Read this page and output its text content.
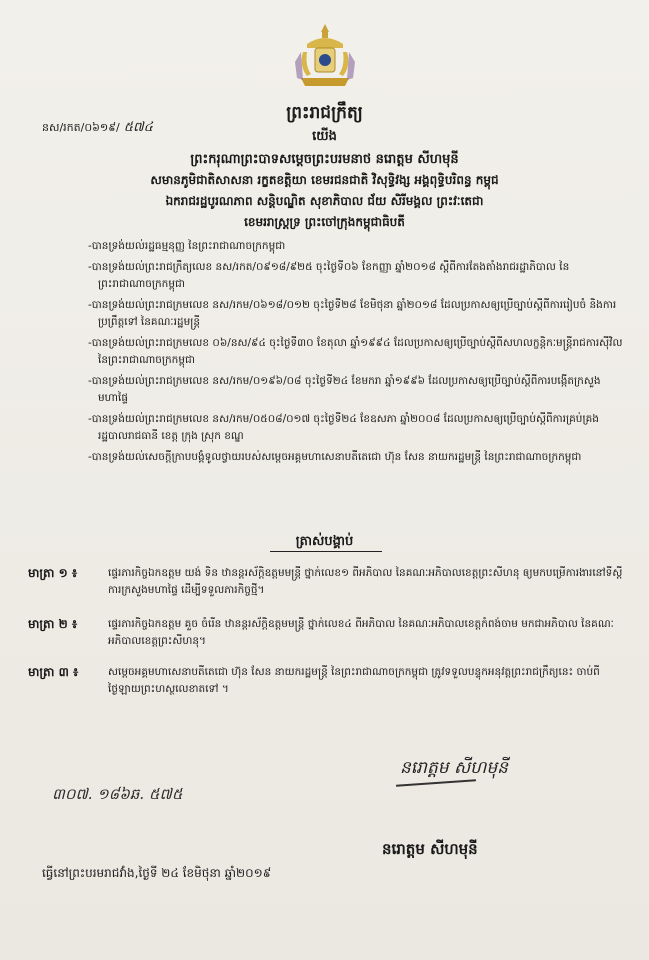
ព្រះរាជក្រឹត្យ
នស/រកត/០៦១៩/ ៥៧៤
យើង
ព្រះករុណាព្រះបាទសម្តេចព្រះបរមនាថ នរោត្តម សីហមុនី
សមានភូមិជាតិសាសនា រក្ខតខត្តិយា ខេមរជនជាតិ វិសុទ្ធិវង្ស អង្គពុទ្ធិបរិពន្ធ កម្ពុជ
ឯករាជរដ្ឋបូរណភាព សន្តិបណ្ឌិត សុខាភិបាល ជ័យ សិរីមង្គល ព្រះវៈតេជា
ខេមររាស្ត្រទ្រ ព្រះចៅក្រុងកម្ពុជាធិបតី

-បានទ្រង់យល់រដ្ឋធម្មនុញ្ញ នៃព្រះរាជាណាចក្រកម្ពុជា

-បានទ្រង់យល់ព្រះរាជក្រឹត្យលេខ នស/រកត/០៩១៨/៩២៥ ចុះថ្ងៃទី០៦ ខែកញ្ញា ឆ្នាំ២០១៨ ស្តីពីការតែងតាំងរាជរដ្ឋាភិបាល នៃព្រះរាជាណាចក្រកម្ពុជា

-បានទ្រង់យល់ព្រះរាជក្រមលេខ នស/រកម/០៦១៨/០១២ ចុះថ្ងៃទី២៨ ខែមិថុនា ឆ្នាំ២០១៨ ដែលប្រកាសឲ្យប្រើច្បាប់ស្តីពីការរៀបចំ និងការប្រព្រឹត្តទៅ នៃគណៈរដ្ឋមន្ត្រី

-បានទ្រង់យល់ព្រះរាជក្រមលេខ ០៦/នស/៩៤ ចុះថ្ងៃទី៣០ ខែតុលា ឆ្នាំ១៩៩៤ ដែលប្រកាសឲ្យប្រើច្បាប់ស្តីពីសហលក្ខន្តិកៈមន្ត្រីរាជការស៊ីវិល នៃព្រះរាជាណាចក្រកម្ពុជា

-បានទ្រង់យល់ព្រះរាជក្រមលេខ នស/រកម/០១៩៦/០៨ ចុះថ្ងៃទី២៤ ខែមករា ឆ្នាំ១៩៩៦ ដែលប្រកាសឲ្យប្រើច្បាប់ស្តីពីការបង្កើតក្រសួងមហាផ្ទៃ

-បានទ្រង់យល់ព្រះរាជក្រមលេខ នស/រកម/០៥០៨/០១៧ ចុះថ្ងៃទី២៤ ខែឧសភា ឆ្នាំ២០០៨ ដែលប្រកាសឲ្យប្រើច្បាប់ស្តីពីការគ្រប់គ្រងរដ្ឋបាលរាជធានី ខេត្ត ក្រុង ស្រុក ខណ្ឌ

-បានទ្រង់យល់សេចក្តីក្រាបបង្គំទូលថ្វាយរបស់សម្តេចអគ្គមហាសេនាបតីតេជោ ហ៊ុន សែន នាយករដ្ឋមន្ត្រី នៃព្រះរាជាណាចក្រកម្ពុជា

ត្រាស់បង្គាប់
មាត្រា ១ ៖	ផ្ទេរភារកិច្ចឯកឧត្តម យង់ ទិន ឋានន្តរស័ក្តិឧត្តមមន្ត្រី ថ្នាក់លេខ១ ពីអភិបាល នៃគណៈអភិបាលខេត្តព្រះសីហនុ ឲ្យមកបម្រើការងារនៅទីស្តីការក្រសួងមហាផ្ទៃ ដើម្បីទទួលភារកិច្ចថ្មី។
មាត្រា ២ ៖	ផ្ទេរភារកិច្ចឯកឧត្តម គួច ចំរើន ឋានន្តរស័ក្តិឧត្តមមន្ត្រី ថ្នាក់លេខ៤ ពីអភិបាល នៃគណៈអភិបាលខេត្តកំពង់ចាម មកជាអភិបាល នៃគណៈអភិបាលខេត្តព្រះសីហនុ។
មាត្រា ៣ ៖	សម្តេចអគ្គមហាសេនាបតីតេជោ ហ៊ុន សែន នាយករដ្ឋមន្ត្រី នៃព្រះរាជាណាចក្រកម្ពុជា ត្រូវទទួលបន្ទុកអនុវត្តព្រះរាជក្រឹត្យនេះ ចាប់ពីថ្ងៃឡាយព្រះហស្ថលេខាតទៅ ។
នរោត្តម សីហមុនី
៣០៧. ១៨៦ឆ. ៥៧៥
នរោត្តម សីហមុនី
ធ្វើនៅព្រះបរមរាជវាំង,ថ្ងៃទី ២៤ ខែមិថុនា ឆ្នាំ២០១៩
